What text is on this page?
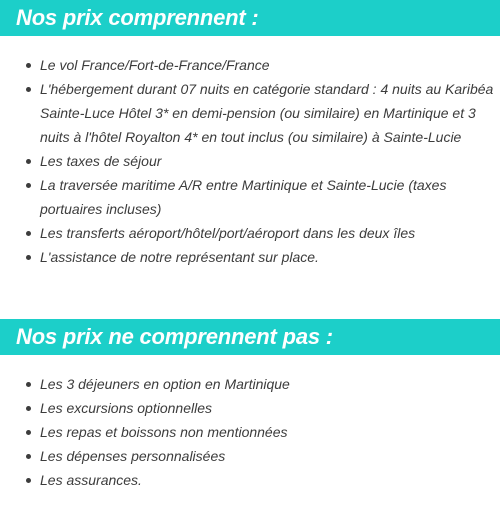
Nos prix comprennent :
Le vol France/Fort-de-France/France
L'hébergement durant 07 nuits en catégorie standard : 4 nuits au Karibéa Sainte-Luce Hôtel 3* en demi-pension (ou similaire) en Martinique et 3 nuits à l'hôtel Royalton 4* en tout inclus (ou similaire) à Sainte-Lucie
Les taxes de séjour
La traversée maritime A/R entre Martinique et Sainte-Lucie (taxes portuaires incluses)
Les transferts aéroport/hôtel/port/aéroport dans les deux îles
L'assistance de notre représentant sur place.
Nos prix ne comprennent pas :
Les 3 déjeuners en option en Martinique
Les excursions optionnelles
Les repas et boissons non mentionnées
Les dépenses personnalisées
Les assurances.
